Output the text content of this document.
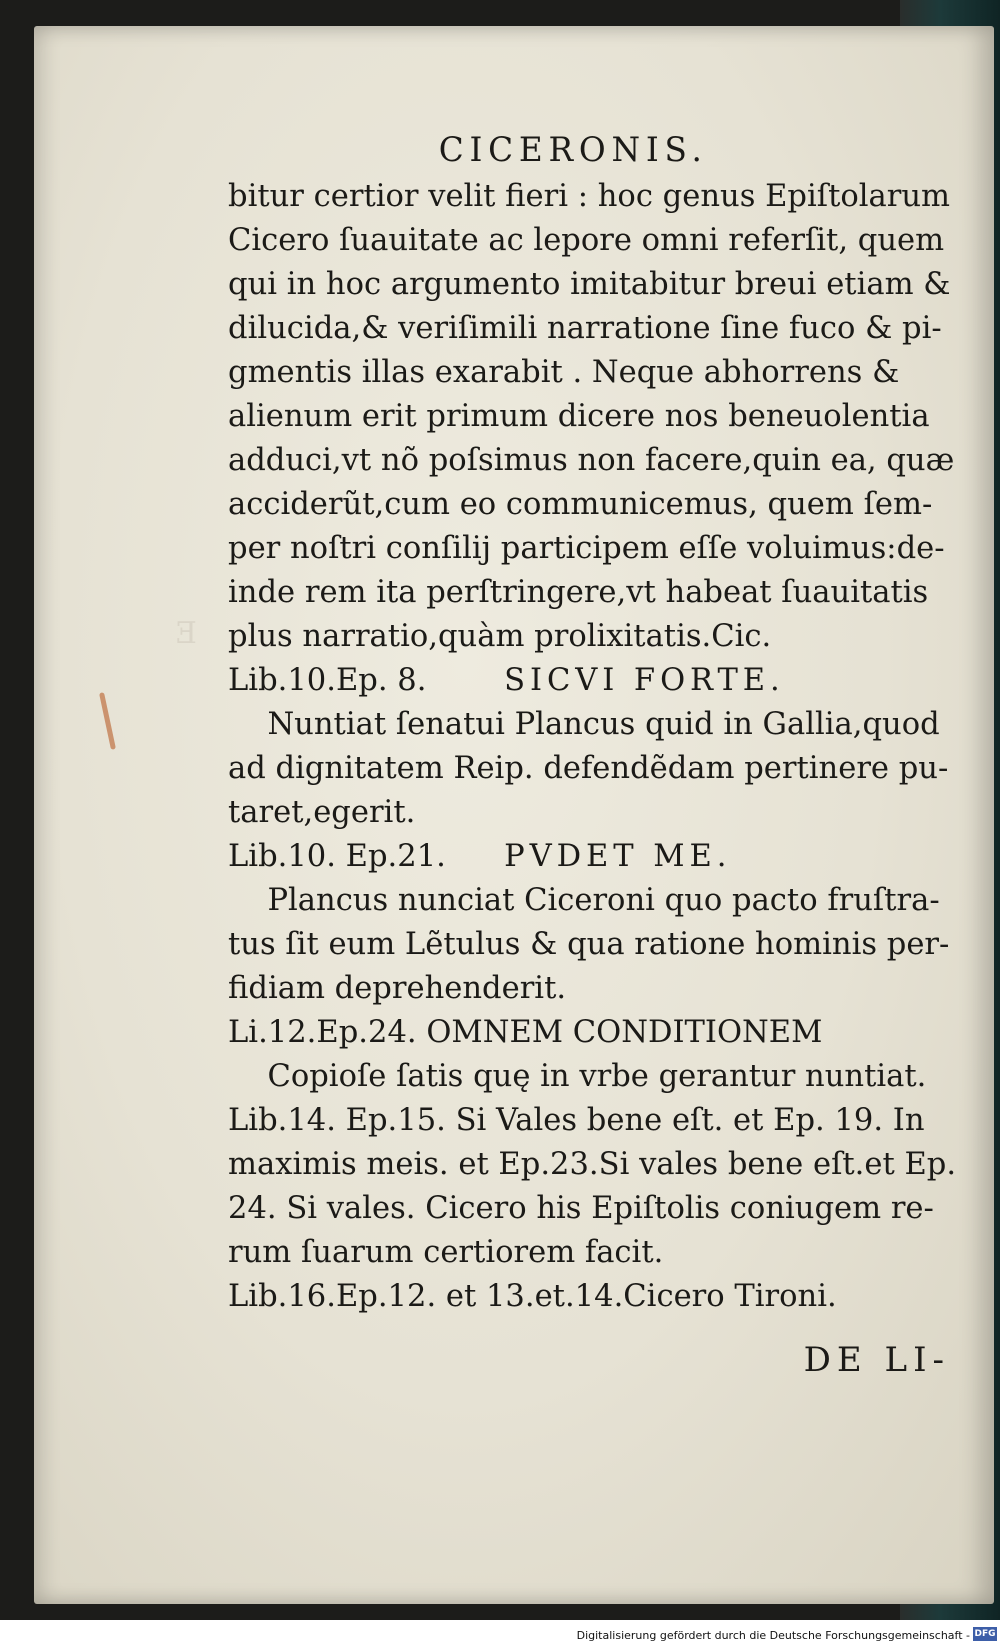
E
CICERONIS.
bitur certior velit fieri : hoc genus Epiſtolarum
Cicero ſuauitate ac lepore omni referſit, quem
qui in hoc argumento imitabitur breui etiam &
dilucida,& veriſimili narratione ſine fuco & pi-
gmentis illas exarabit . Neque abhorrens &
alienum erit primum dicere nos beneuolentia
adduci,vt nõ poſsimus non facere,quin ea, quæ
acciderũt,cum eo communicemus, quem ſem-
per noſtri conſilij participem eſſe voluimus:de-
inde rem ita perſtringere,vt habeat ſuauitatis
plus narratio,quàm prolixitatis.Cic.
Lib.10.Ep. 8.	SICVI FORTE.
Nuntiat ſenatui Plancus quid in Gallia,quod
ad dignitatem Reip. defendẽdam pertinere pu-
taret,egerit.
Lib.10. Ep.21. PVDET ME.
Plancus nunciat Ciceroni quo pacto fruſtra-
tus ſit eum Lẽtulus & qua ratione hominis per-
fidiam deprehenderit.
Li.12.Ep.24. OMNEM CONDITIONEM
Copioſe ſatis quę in vrbe gerantur nuntiat.
Lib.14. Ep.15. Si Vales bene eſt. et Ep. 19. In
maximis meis. et Ep.23.Si vales bene eſt.et Ep.
24. Si vales. Cicero his Epiſtolis coniugem re-
rum ſuarum certiorem facit.
Lib.16.Ep.12. et 13.et.14.Cicero Tironi.
DE LI-
Digitalisierung gefördert durch die Deutsche Forschungsgemeinschaft - DFG
